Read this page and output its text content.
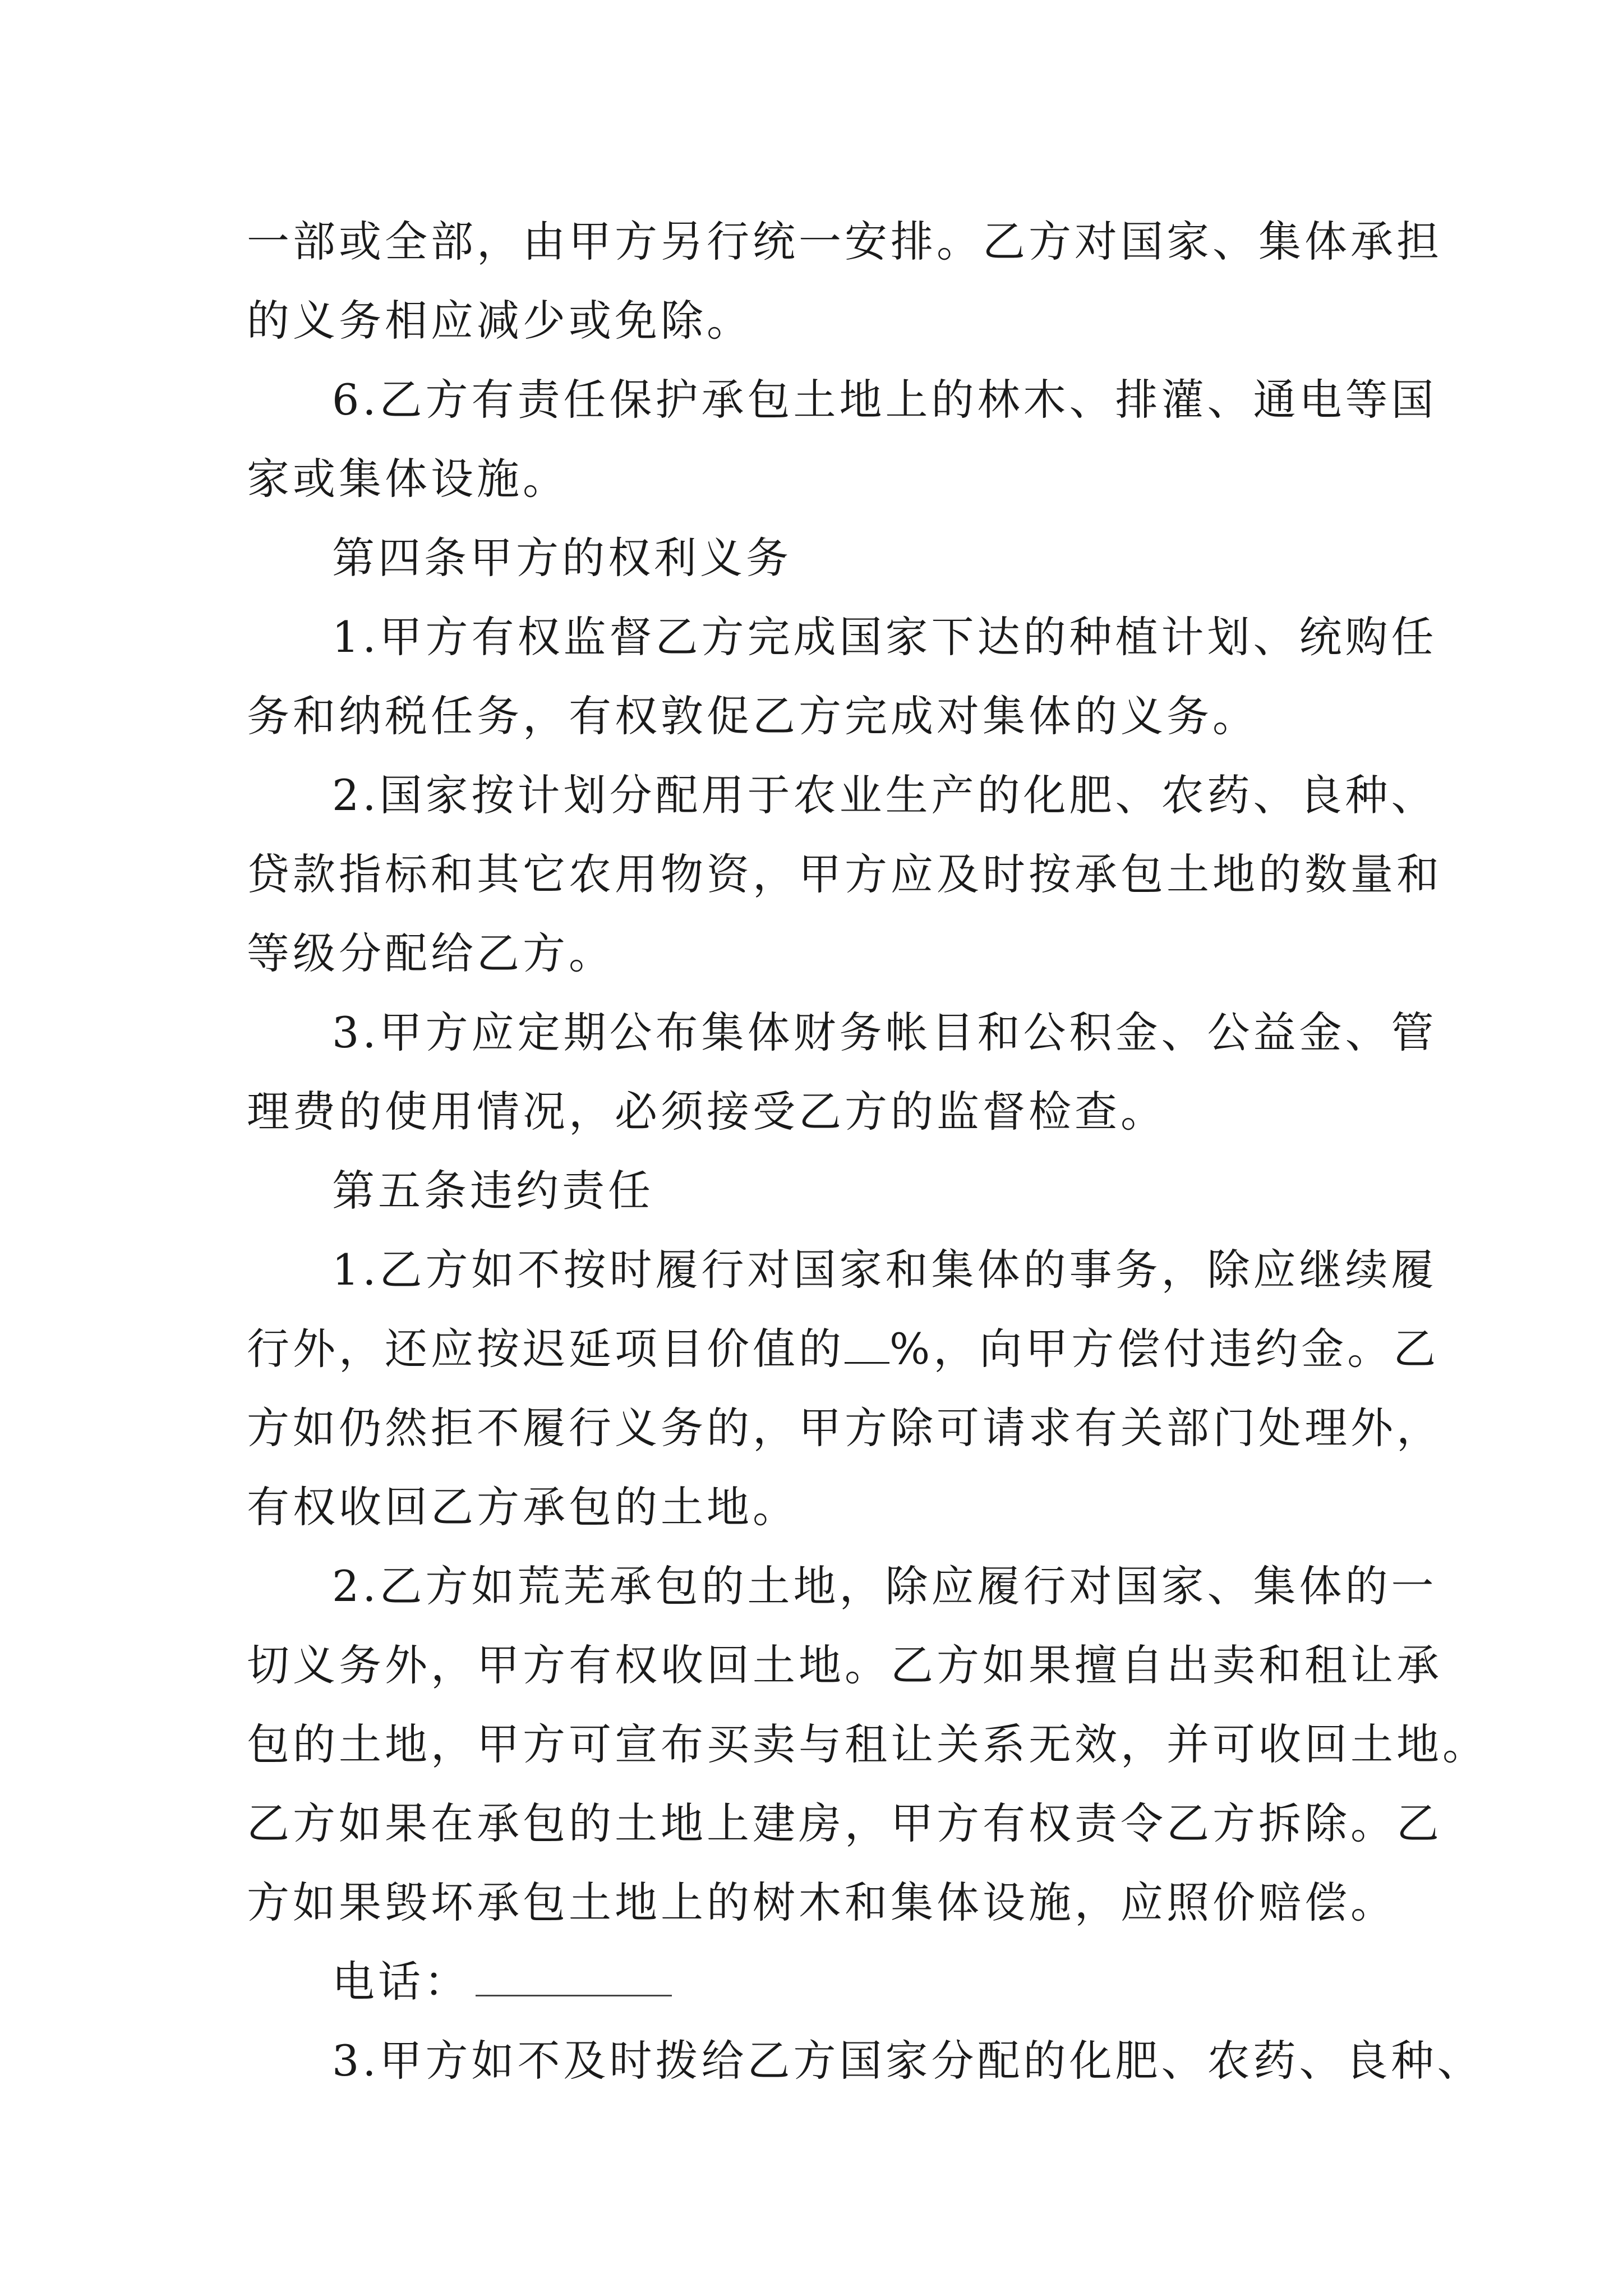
一部或全部，由甲方另行统一安排。乙方对国家、集体承担
的义务相应减少或免除。
6.乙方有责任保护承包土地上的林木、排灌、通电等国
家或集体设施。
第四条甲方的权利义务
1.甲方有权监督乙方完成国家下达的种植计划、统购任
务和纳税任务，有权敦促乙方完成对集体的义务。
2.国家按计划分配用于农业生产的化肥、农药、良种、
贷款指标和其它农用物资，甲方应及时按承包土地的数量和
等级分配给乙方。
3.甲方应定期公布集体财务帐目和公积金、公益金、管
理费的使用情况，必须接受乙方的监督检查。
第五条违约责任
1.乙方如不按时履行对国家和集体的事务，除应继续履
行外，还应按迟延项目价值的 %，向甲方偿付违约金。乙
方如仍然拒不履行义务的，甲方除可请求有关部门处理外，
有权收回乙方承包的土地。
2.乙方如荒芜承包的土地，除应履行对国家、集体的一
切义务外，甲方有权收回土地。乙方如果擅自出卖和租让承
包的土地，甲方可宣布买卖与租让关系无效，并可收回土地。
乙方如果在承包的土地上建房，甲方有权责令乙方拆除。乙
方如果毁坏承包土地上的树木和集体设施，应照价赔偿。
电话：
3.甲方如不及时拨给乙方国家分配的化肥、农药、良种、
